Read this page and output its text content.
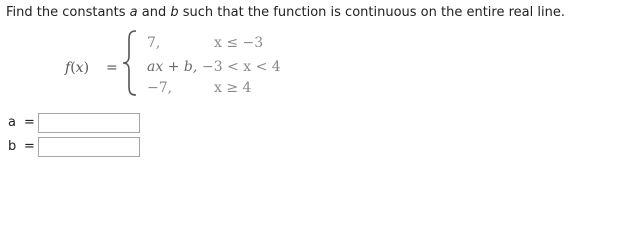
Find the constants a and b such that the function is continuous on the entire real line.
f(x) =
7,	x ≤ −3
ax + b, −3 < x < 4
−7,	x ≥ 4
a =
b =
